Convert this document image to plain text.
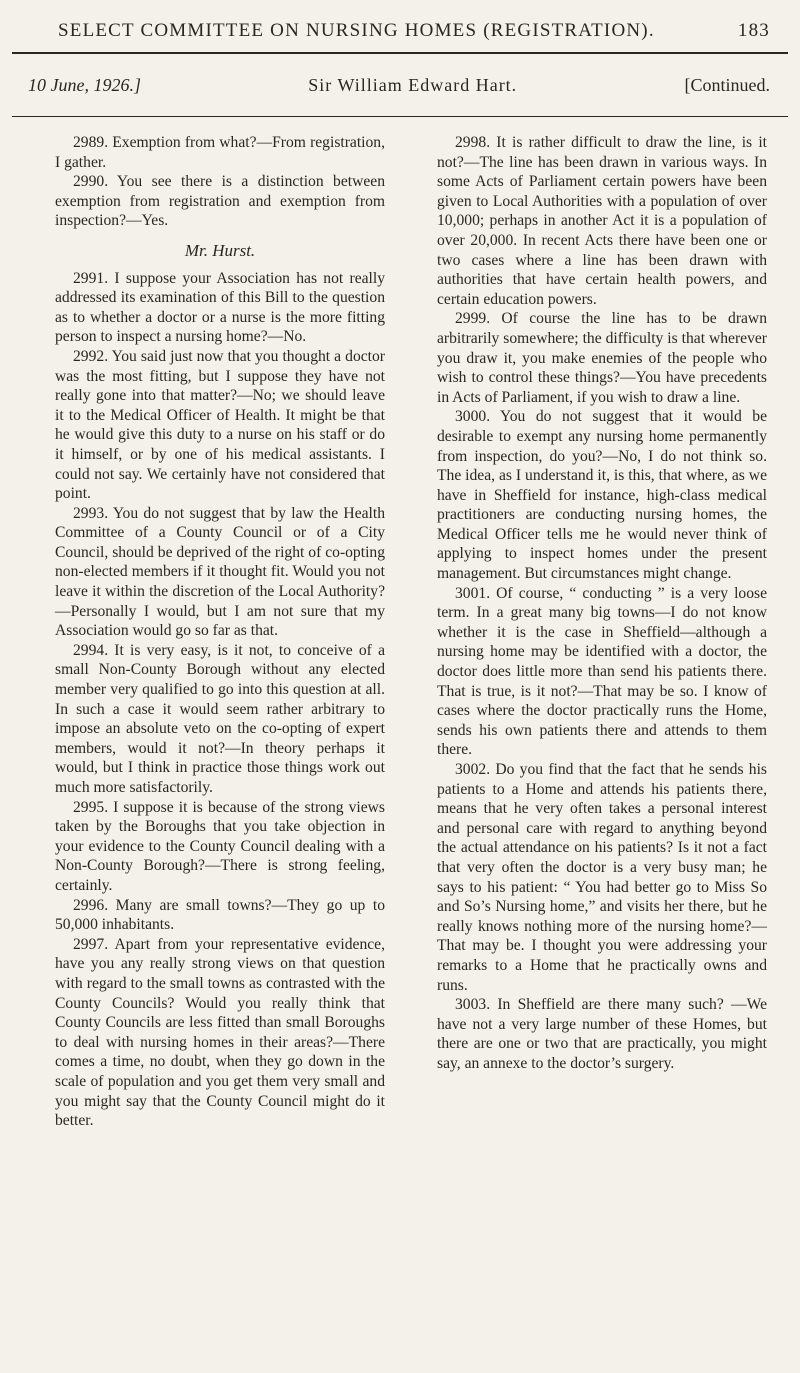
SELECT COMMITTEE ON NURSING HOMES (REGISTRATION).	183
10 June, 1926.]	Sir William Edward Hart.	[Continued.

2989. Exemption from what?—From registration, I gather.

2990. You see there is a distinction between exemption from registration and exemption from inspection?—Yes.

Mr. Hurst.

2991. I suppose your Association has not really addressed its examination of this Bill to the question as to whether a doctor or a nurse is the more fitting person to inspect a nursing home?—No.

2992. You said just now that you thought a doctor was the most fitting, but I suppose they have not really gone into that matter?—No; we should leave it to the Medical Officer of Health. It might be that he would give this duty to a nurse on his staff or do it himself, or by one of his medical assistants. I could not say. We certainly have not considered that point.

2993. You do not suggest that by law the Health Committee of a County Council or of a City Council, should be deprived of the right of co-opting non-elected members if it thought fit. Would you not leave it within the discretion of the Local Authority?—Personally I would, but I am not sure that my Association would go so far as that.

2994. It is very easy, is it not, to conceive of a small Non-County Borough without any elected member very qualified to go into this question at all. In such a case it would seem rather arbitrary to impose an absolute veto on the co-opting of expert members, would it not?—In theory perhaps it would, but I think in practice those things work out much more satisfactorily.

2995. I suppose it is because of the strong views taken by the Boroughs that you take objection in your evidence to the County Council dealing with a Non-County Borough?—There is strong feeling, certainly.

2996. Many are small towns?—They go up to 50,000 inhabitants.

2997. Apart from your representative evidence, have you any really strong views on that question with regard to the small towns as contrasted with the County Councils? Would you really think that County Councils are less fitted than small Boroughs to deal with nursing homes in their areas?—There comes a time, no doubt, when they go down in the scale of population and you get them very small and you might say that the County Council might do it better.

2998. It is rather difficult to draw the line, is it not?—The line has been drawn in various ways. In some Acts of Parliament certain powers have been given to Local Authorities with a population of over 10,000; perhaps in another Act it is a population of over 20,000. In recent Acts there have been one or two cases where a line has been drawn with authorities that have certain health powers, and certain education powers.

2999. Of course the line has to be drawn arbitrarily somewhere; the difficulty is that wherever you draw it, you make enemies of the people who wish to control these things?—You have precedents in Acts of Parliament, if you wish to draw a line.

3000. You do not suggest that it would be desirable to exempt any nursing home permanently from inspection, do you?—No, I do not think so. The idea, as I understand it, is this, that where, as we have in Sheffield for instance, high-class medical practitioners are conducting nursing homes, the Medical Officer tells me he would never think of applying to inspect homes under the present management. But circumstances might change.

3001. Of course, “ conducting ” is a very loose term. In a great many big towns—I do not know whether it is the case in Sheffield—although a nursing home may be identified with a doctor, the doctor does little more than send his patients there. That is true, is it not?—That may be so. I know of cases where the doctor practically runs the Home, sends his own patients there and attends to them there.

3002. Do you find that the fact that he sends his patients to a Home and attends his patients there, means that he very often takes a personal interest and personal care with regard to anything beyond the actual attendance on his patients? Is it not a fact that very often the doctor is a very busy man; he says to his patient: “ You had better go to Miss So and So’s Nursing home,” and visits her there, but he really knows nothing more of the nursing home?—That may be. I thought you were addressing your remarks to a Home that he practically owns and runs.

3003. In Sheffield are there many such? —We have not a very large number of these Homes, but there are one or two that are practically, you might say, an annexe to the doctor’s surgery.
